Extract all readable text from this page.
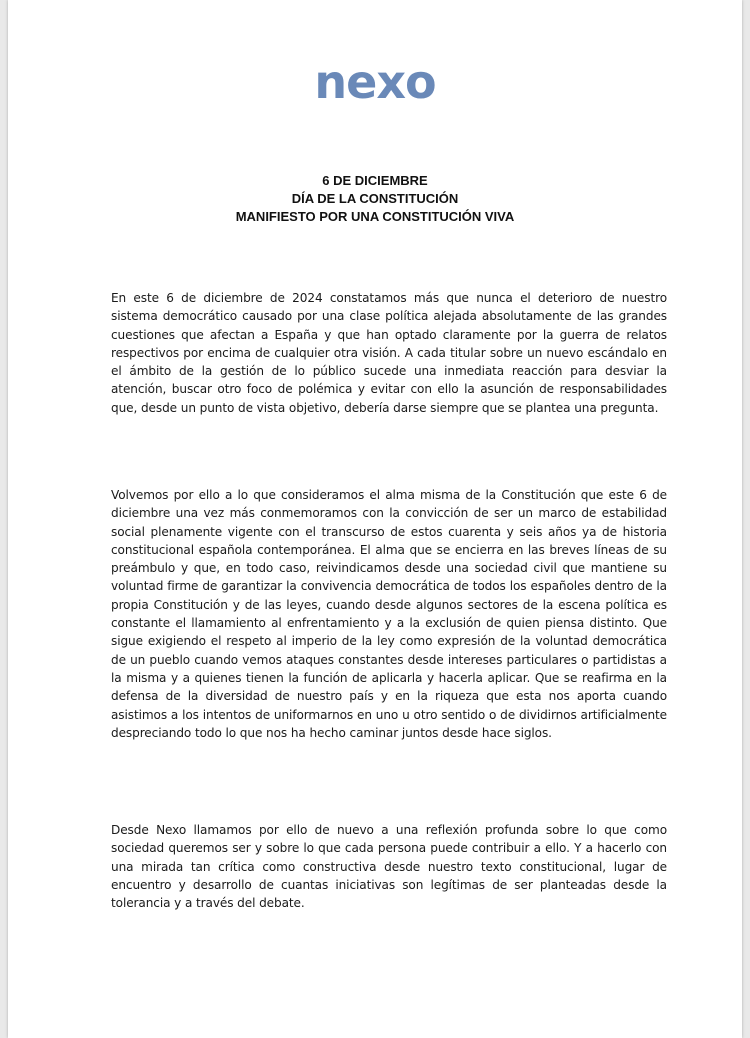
nexo
6 DE DICIEMBRE
DÍA DE LA CONSTITUCIÓN
MANIFIESTO POR UNA CONSTITUCIÓN VIVA
En este 6 de diciembre de 2024 constatamos más que nunca el deterioro de nuestro sistema democrático causado por una clase política alejada absolutamente de las grandes cuestiones que afectan a España y que han optado claramente por la guerra de relatos respectivos por encima de cualquier otra visión. A cada titular sobre un nuevo escándalo en el ámbito de la gestión de lo público sucede una inmediata reacción para desviar la atención, buscar otro foco de polémica y evitar con ello la asunción de responsabilidades que, desde un punto de vista objetivo, debería darse siempre que se plantea una pregunta.
Volvemos por ello a lo que consideramos el alma misma de la Constitución que este 6 de diciembre una vez más conmemoramos con la convicción de ser un marco de estabilidad social plenamente vigente con el transcurso de estos cuarenta y seis años ya de historia constitucional española contemporánea. El alma que se encierra en las breves líneas de su preámbulo y que, en todo caso, reivindicamos desde una sociedad civil que mantiene su voluntad firme de garantizar la convivencia democrática de todos los españoles dentro de la propia Constitución y de las leyes, cuando desde algunos sectores de la escena política es constante el llamamiento al enfrentamiento y a la exclusión de quien piensa distinto. Que sigue exigiendo el respeto al imperio de la ley como expresión de la voluntad democrática de un pueblo cuando vemos ataques constantes desde intereses particulares o partidistas a la misma y a quienes tienen la función de aplicarla y hacerla aplicar. Que se reafirma en la defensa de la diversidad de nuestro país y en la riqueza que esta nos aporta cuando asistimos a los intentos de uniformarnos en uno u otro sentido o de dividirnos artificialmente despreciando todo lo que nos ha hecho caminar juntos desde hace siglos.
Desde Nexo llamamos por ello de nuevo a una reflexión profunda sobre lo que como sociedad queremos ser y sobre lo que cada persona puede contribuir a ello. Y a hacerlo con una mirada tan crítica como constructiva desde nuestro texto constitucional, lugar de encuentro y desarrollo de cuantas iniciativas son legítimas de ser planteadas desde la tolerancia y a través del debate.
